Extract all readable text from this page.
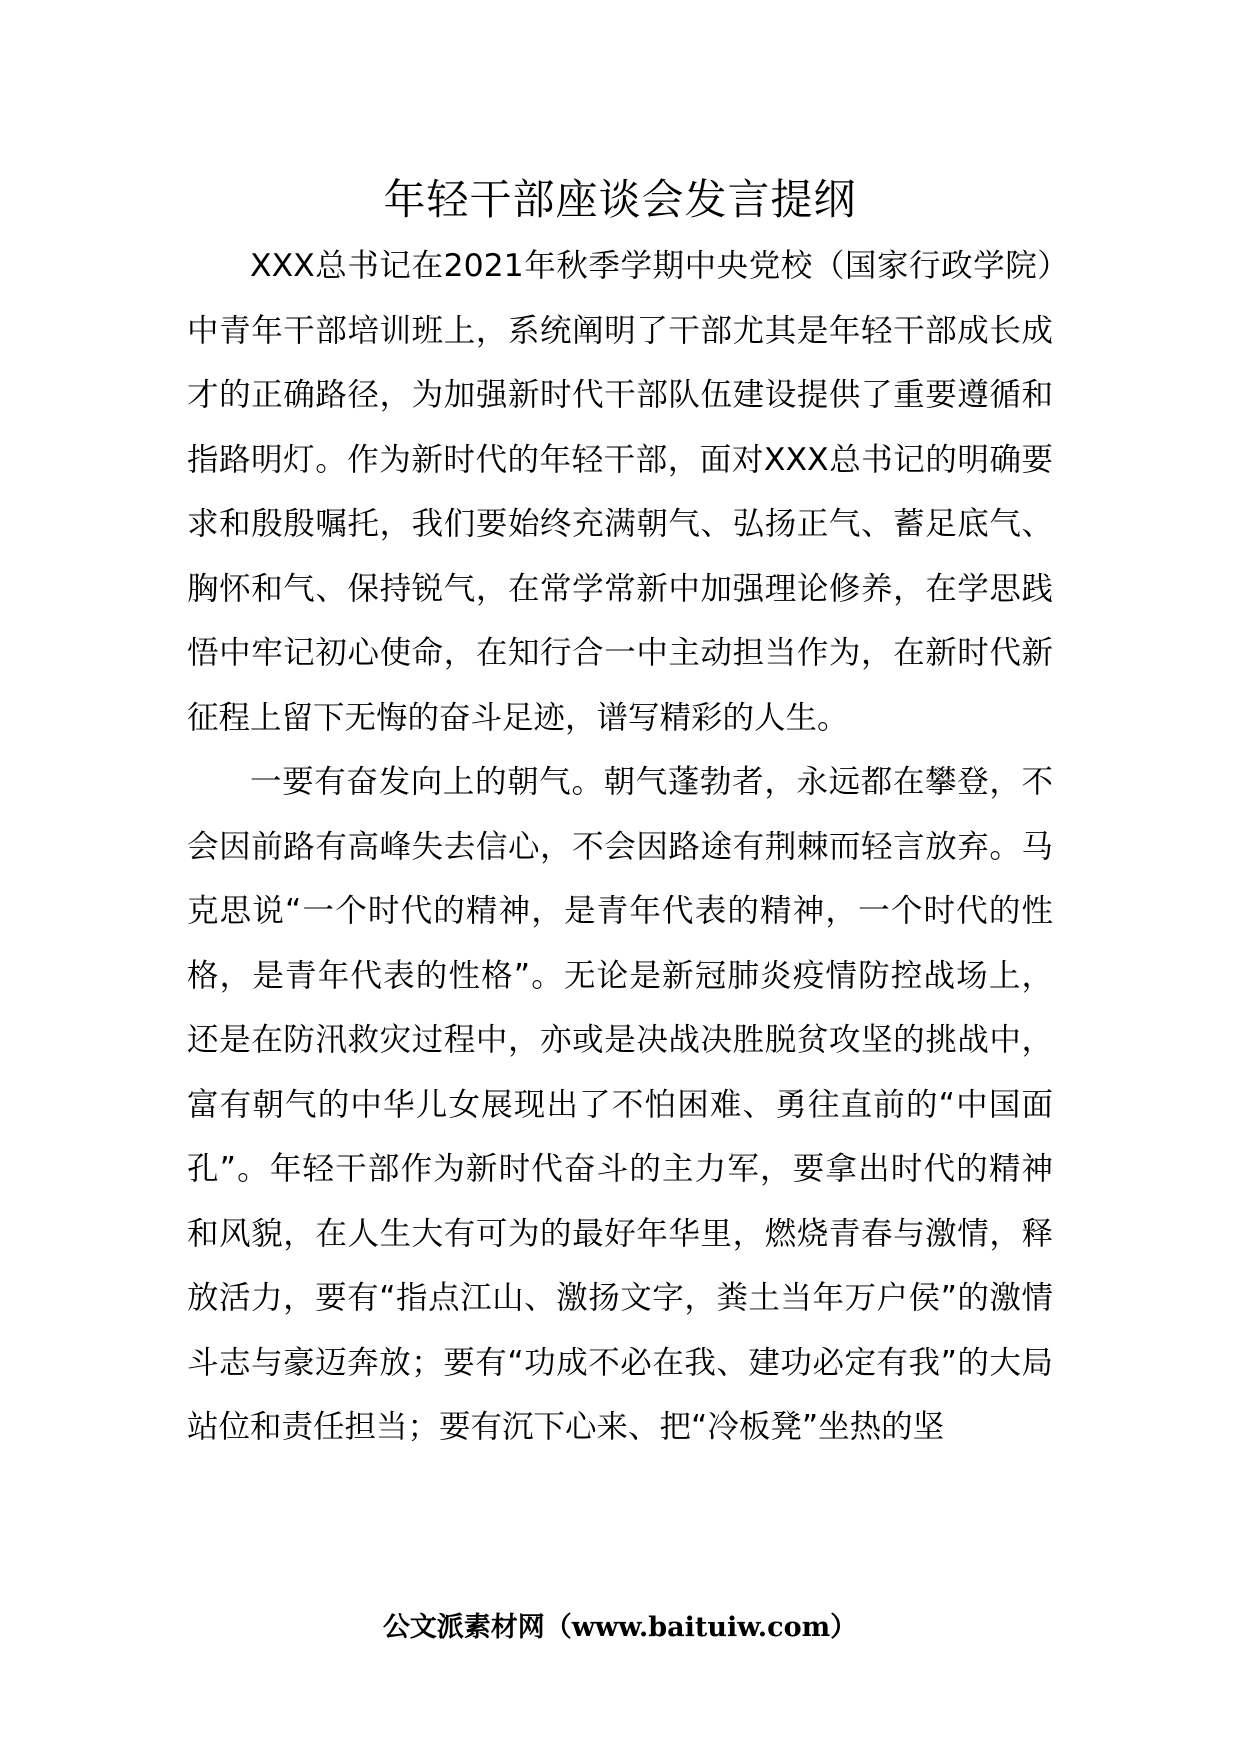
年轻干部座谈会发言提纲

XXX总书记在2021年秋季学期中央党校（国家行政学院）中青年干部培训班上，系统阐明了干部尤其是年轻干部成长成才的正确路径，为加强新时代干部队伍建设提供了重要遵循和指路明灯。作为新时代的年轻干部，面对XXX总书记的明确要求和殷殷嘱托，我们要始终充满朝气、弘扬正气、蓄足底气、胸怀和气、保持锐气，在常学常新中加强理论修养，在学思践悟中牢记初心使命，在知行合一中主动担当作为，在新时代新征程上留下无悔的奋斗足迹，谱写精彩的人生。

一要有奋发向上的朝气。朝气蓬勃者，永远都在攀登，不会因前路有高峰失去信心，不会因路途有荆棘而轻言放弃。马克思说“一个时代的精神，是青年代表的精神，一个时代的性格，是青年代表的性格”。无论是新冠肺炎疫情防控战场上，还是在防汛救灾过程中，亦或是决战决胜脱贫攻坚的挑战中，富有朝气的中华儿女展现出了不怕困难、勇往直前的“中国面孔”。年轻干部作为新时代奋斗的主力军，要拿出时代的精神和风貌，在人生大有可为的最好年华里，燃烧青春与激情，释放活力，要有“指点江山、激扬文字，粪土当年万户侯”的激情斗志与豪迈奔放；要有“功成不必在我、建功必定有我”的大局站位和责任担当；要有沉下心来、把“冷板凳”坐热的坚

公文派素材网（www.baituiw.com）
